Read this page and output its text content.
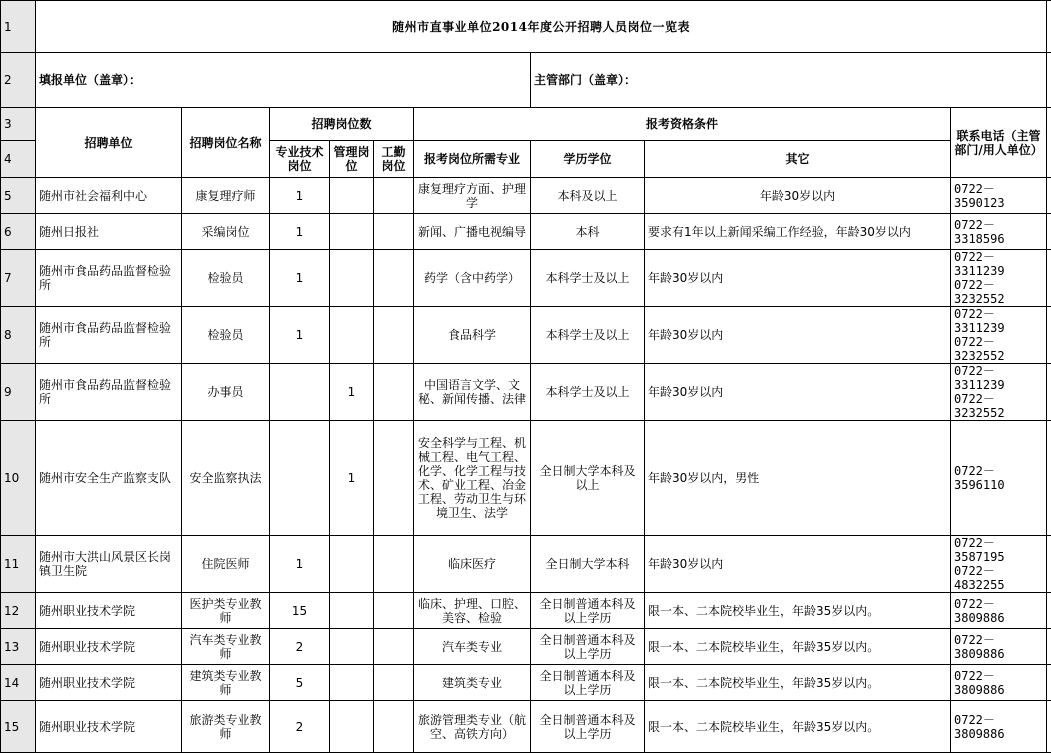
1	随州市直事业单位2014年度公开招聘人员岗位一览表									
2	填报单位（盖章）：						主管部门（盖章）：			
3	招聘单位	招聘岗位名称	招聘岗位数			报考资格条件			联系电话（主管部门/用人单位）	
4			专业技术岗位	管理岗位	工勤岗位	报考岗位所需专业	学历学位	其它		
5	随州市社会福利中心	康复理疗师	1			康复理疗方面、护理学	本科及以上	年龄30岁以内	0722－3590123	

6	随州日报社	采编岗位	1			新闻、广播电视编导	本科	要求有1年以上新闻采编工作经验，年龄30岁以内	0722－3318596	

7	随州市食品药品监督检验所	检验员	1			药学（含中药学）	本科学士及以上	年龄30岁以内	0722－3311239
0722－3232552	

8	随州市食品药品监督检验所	检验员	1			食品科学	本科学士及以上	年龄30岁以内	0722－3311239
0722－3232552	

9	随州市食品药品监督检验所	办事员		1		中国语言文学、文秘、新闻传播、法律	本科学士及以上	年龄30岁以内	0722－3311239
0722－3232552	

10	随州市安全生产监察支队	安全监察执法		1		安全科学与工程、机械工程、电气工程、化学、化学工程与技术、矿业工程、冶金工程、劳动卫生与环境卫生、法学	全日制大学本科及以上	年龄30岁以内，男性	0722－3596110	

11	随州市大洪山风景区长岗镇卫生院	住院医师	1			临床医疗	全日制大学本科	年龄30岁以内	0722－3587195
0722－4832255	

12	随州职业技术学院	医护类专业教师	15			临床、护理、口腔、美容、检验	全日制普通本科及以上学历	限一本、二本院校毕业生，年龄35岁以内。	0722－3809886	

13	随州职业技术学院	汽车类专业教师	2			汽车类专业	全日制普通本科及以上学历	限一本、二本院校毕业生，年龄35岁以内。	0722－3809886	

14	随州职业技术学院	建筑类专业教师	5			建筑类专业	全日制普通本科及以上学历	限一本、二本院校毕业生，年龄35岁以内。	0722－3809886	

15	随州职业技术学院	旅游类专业教师	2			旅游管理类专业（航空、高铁方向）	全日制普通本科及以上学历	限一本、二本院校毕业生，年龄35岁以内。	0722－3809886	
